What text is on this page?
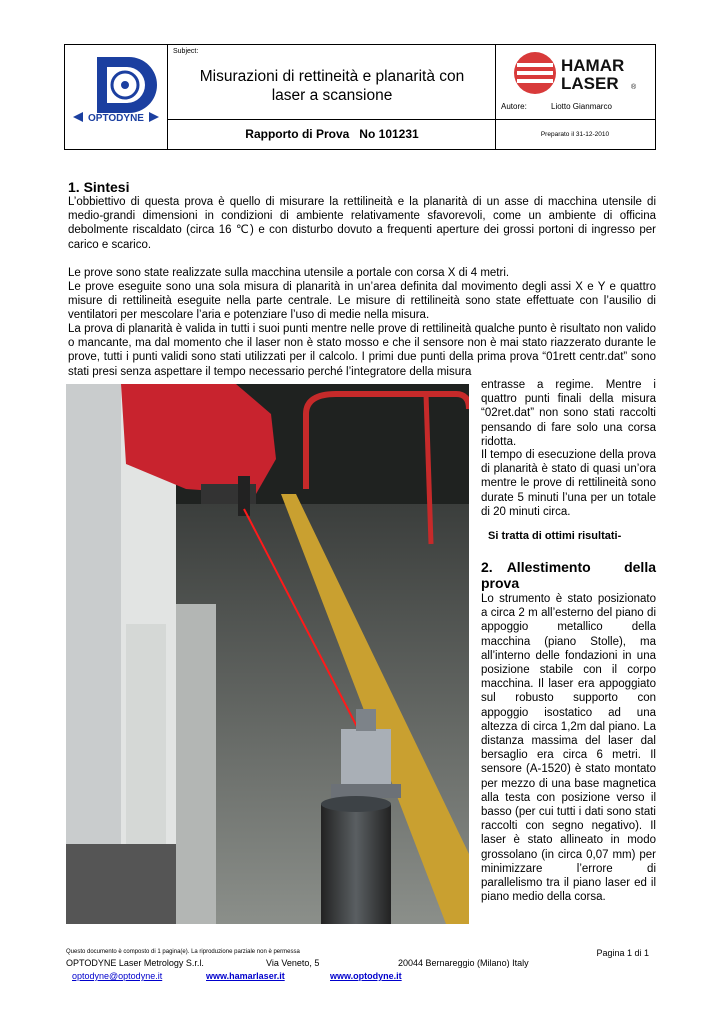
OPTODYNE
Subject:
Misurazioni di rettineità e planarità con
laser a scansione
Rapporto di Prova   No 101231
HAMAR
LASER ®
Autore:	Liotto Gianmarco
Preparato il 31-12-2010
1. Sintesi

L’obbiettivo di questa prova è quello di misurare la rettilineità e la planarità di un asse di macchina utensile di medio-grandi dimensioni in condizioni di ambiente relativamente sfavorevoli, come un ambiente di officina debolmente riscaldato (circa 16 ℃) e con disturbo dovuto a frequenti aperture dei grossi portoni di ingresso per carico e scarico.

Le prove sono state realizzate sulla macchina utensile a portale con corsa X di 4 metri.

Le prove eseguite sono una sola misura di planarità in un’area definita dal movimento degli assi X e Y e quattro misure di rettilineità eseguite nella parte centrale. Le misure di rettilineità sono state effettuate con l’ausilio di ventilatori per mescolare l’aria e potenziare l’uso di medie nella misura.

La prova di planarità è valida in tutti i suoi punti mentre nelle prove di rettilineità qualche punto è risultato non valido o mancante, ma dal momento che il laser non è stato mosso e che il sensore non è mai stato riazzerato durante le prove, tutti i punti validi sono stati utilizzati per il calcolo. I primi due punti della prima prova “01rett centr.dat” sono stati presi senza aspettare il tempo necessario perché l’integratore della misura

entrasse a regime. Mentre i quattro punti finali della misura “02ret.dat” non sono stati raccolti pensando di fare solo una corsa ridotta.

Il tempo di esecuzione della prova di planarità è stato di quasi un’ora mentre le prove di rettilineità sono durate 5 minuti l’una per un totale di 20 minuti circa.

Si tratta di ottimi risultati-
2. Allestimento	della
prova

Lo strumento è stato posizionato a circa 2 m all’esterno del piano di appoggio metallico della macchina (piano Stolle), ma all’interno delle fondazioni in una posizione stabile con il corpo macchina. Il laser era appoggiato sul robusto supporto con appoggio isostatico ad una altezza di circa 1,2m dal piano. La distanza massima del laser dal bersaglio era circa 6 metri. Il sensore (A-1520) è stato montato per mezzo di una base magnetica alla testa con posizione verso il basso (per cui tutti i dati sono stati raccolti con segno negativo). Il laser è stato allineato in modo grossolano (in circa 0,07 mm) per minimizzare l’errore di parallelismo tra il piano laser ed il piano medio della corsa.

Questo documento è composto di 1 pagina(e). La riproduzione parziale non è permessa	Pagina 1 di 1
OPTODYNE Laser Metrology S.r.l.	Via Veneto, 5	20044 Bernareggio (Milano) Italy
optodyne@optodyne.it	www.hamarlaser.it	www.optodyne.it
